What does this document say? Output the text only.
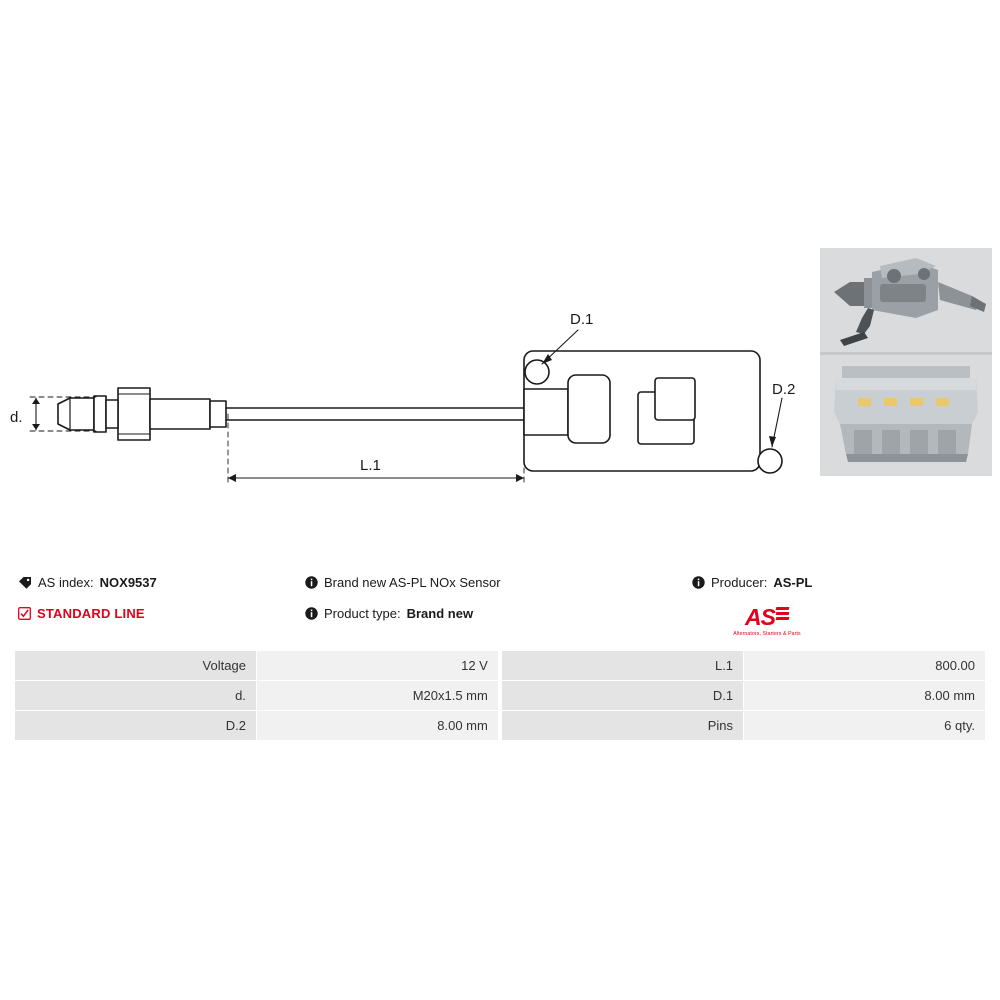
d.
L.1
D.1
D.2
AS index: NOX9537
STANDARD LINE
Brand new AS-PL NOx Sensor
Product type: Brand new
Producer: AS-PL
AS
Alternators, Starters & Parts
Voltage	12 V		L.1	800.00
d.	M20x1.5 mm		D.1	8.00 mm
D.2	8.00 mm		Pins	6 qty.
